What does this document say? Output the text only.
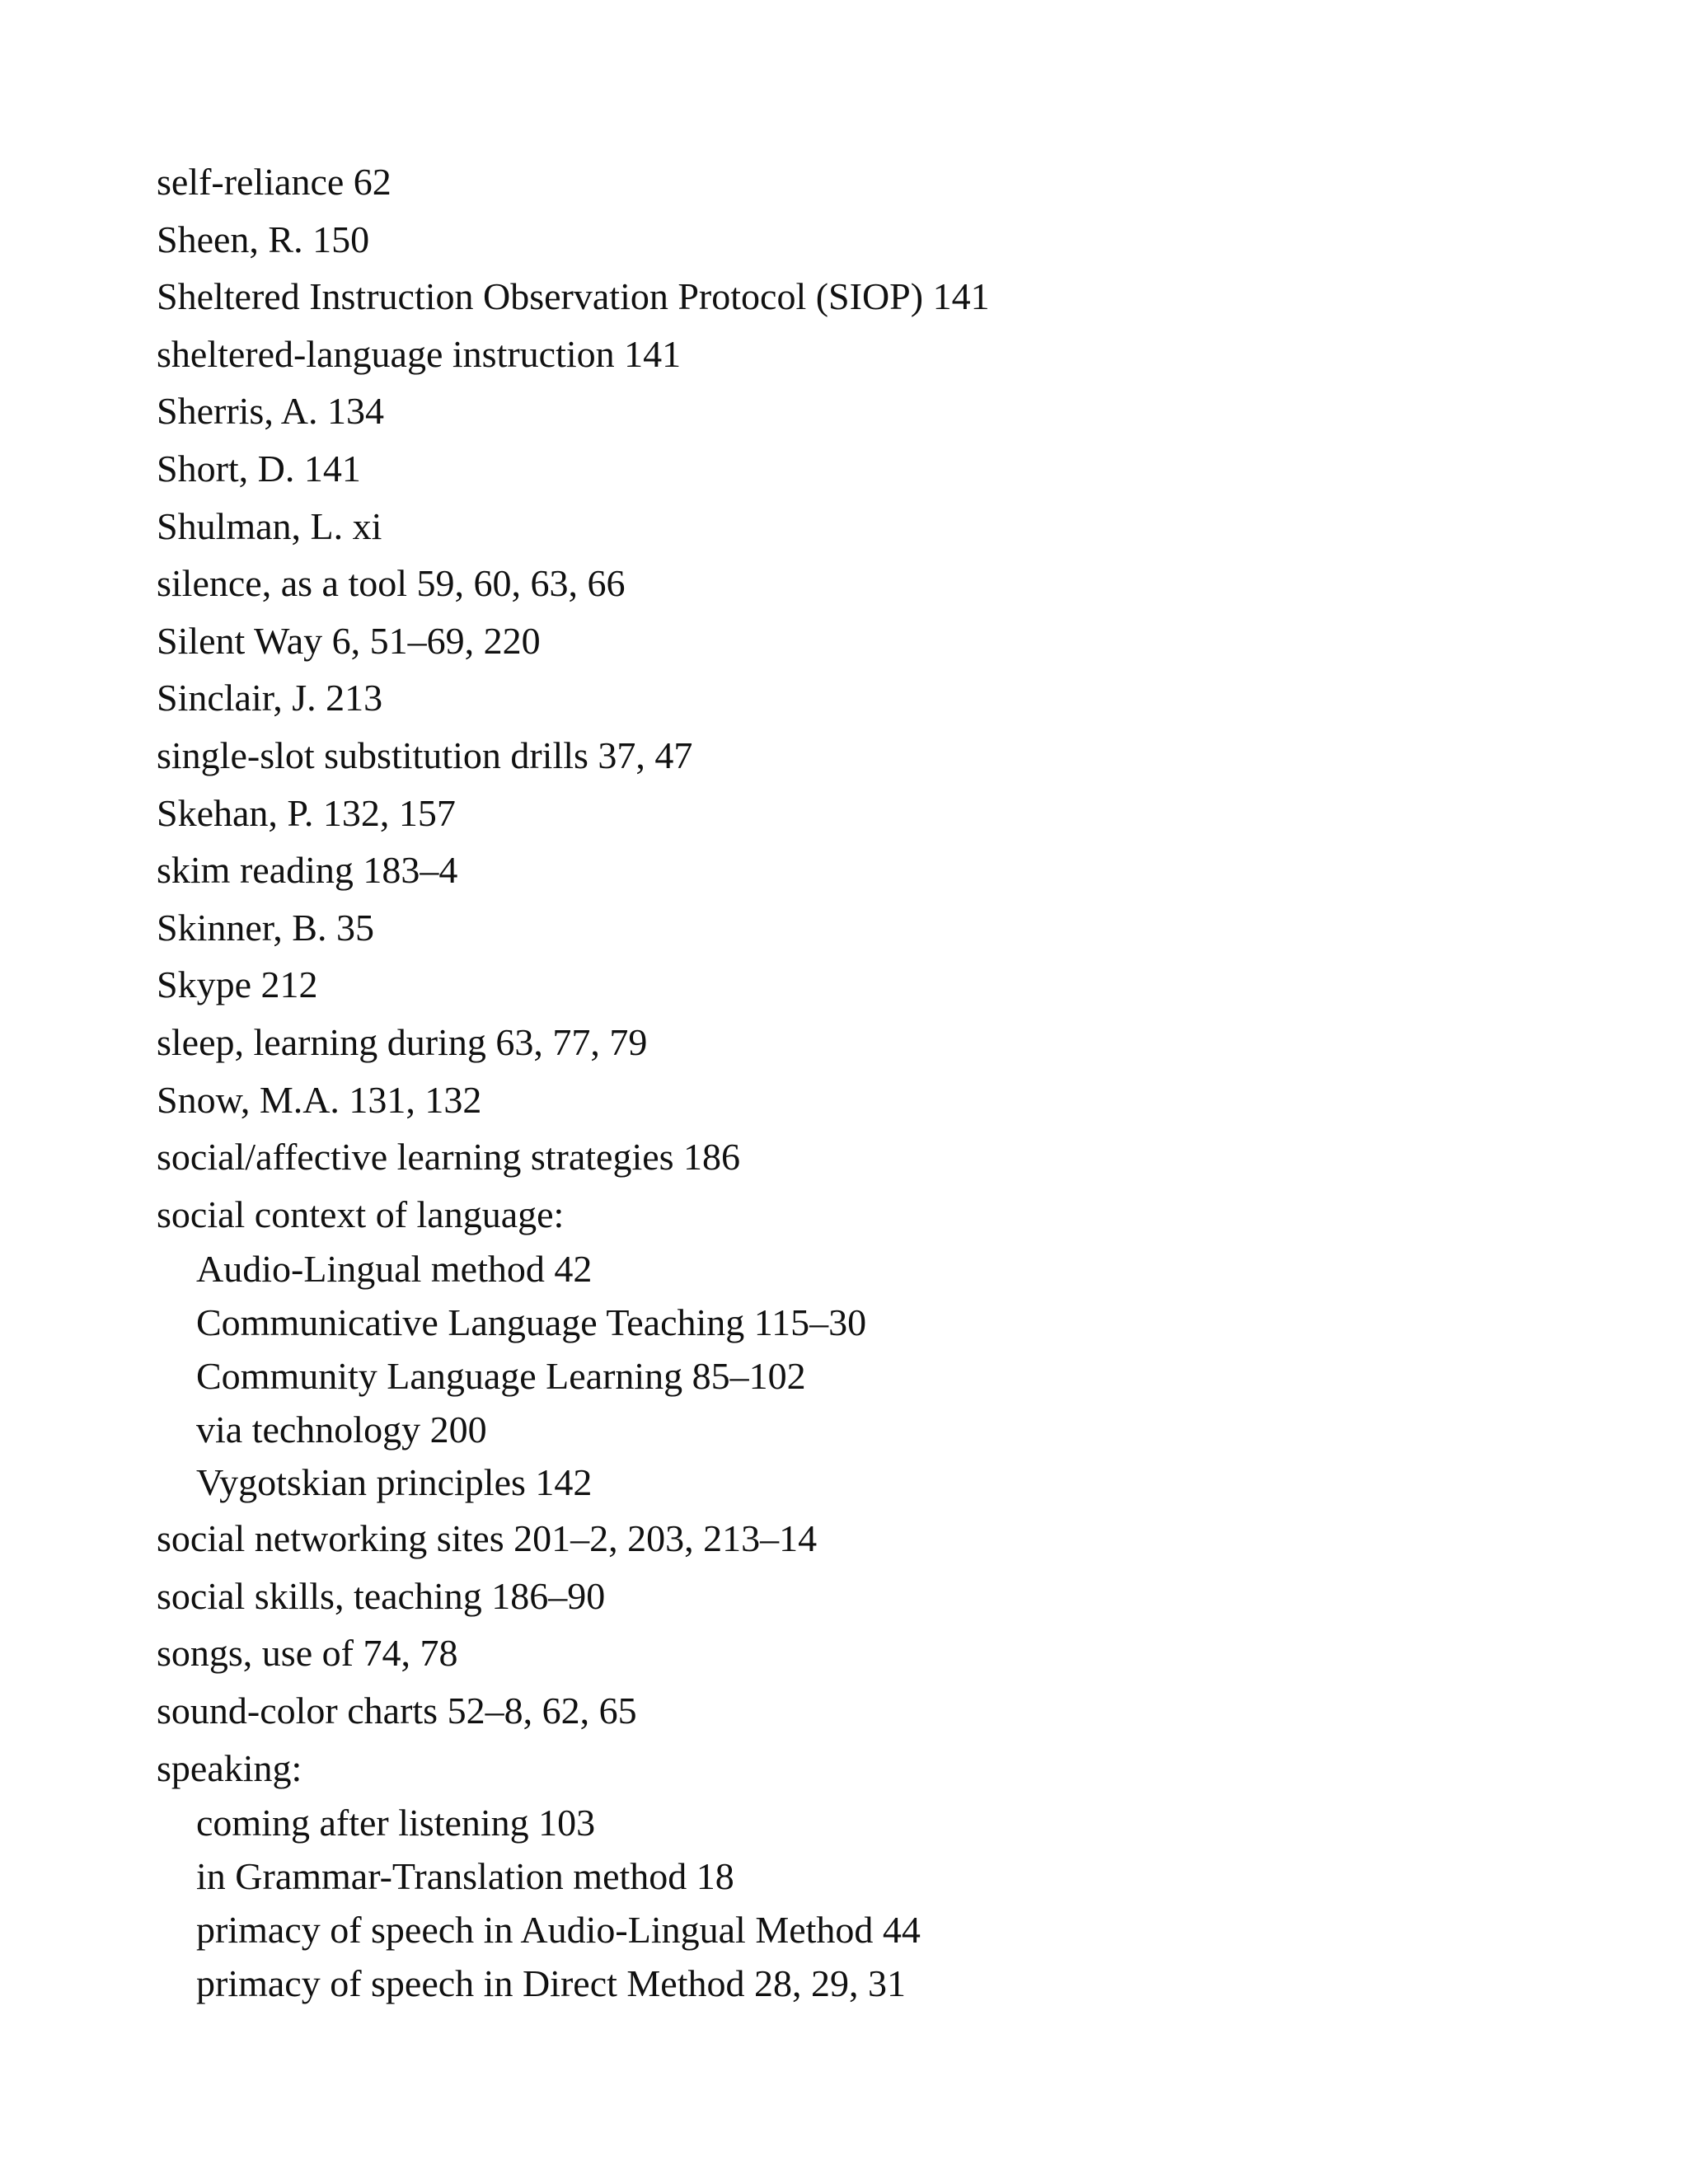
self-reliance 62
Sheen, R. 150
Sheltered Instruction Observation Protocol (SIOP) 141
sheltered-language instruction 141
Sherris, A. 134
Short, D. 141
Shulman, L. xi
silence, as a tool 59, 60, 63, 66
Silent Way 6, 51–69, 220
Sinclair, J. 213
single-slot substitution drills 37, 47
Skehan, P. 132, 157
skim reading 183–4
Skinner, B. 35
Skype 212
sleep, learning during 63, 77, 79
Snow, M.A. 131, 132
social/affective learning strategies 186
social context of language:
Audio-Lingual method 42
Communicative Language Teaching 115–30
Community Language Learning 85–102
via technology 200
Vygotskian principles 142
social networking sites 201–2, 203, 213–14
social skills, teaching 186–90
songs, use of 74, 78
sound-color charts 52–8, 62, 65
speaking:
coming after listening 103
in Grammar-Translation method 18
primacy of speech in Audio-Lingual Method 44
primacy of speech in Direct Method 28, 29, 31
